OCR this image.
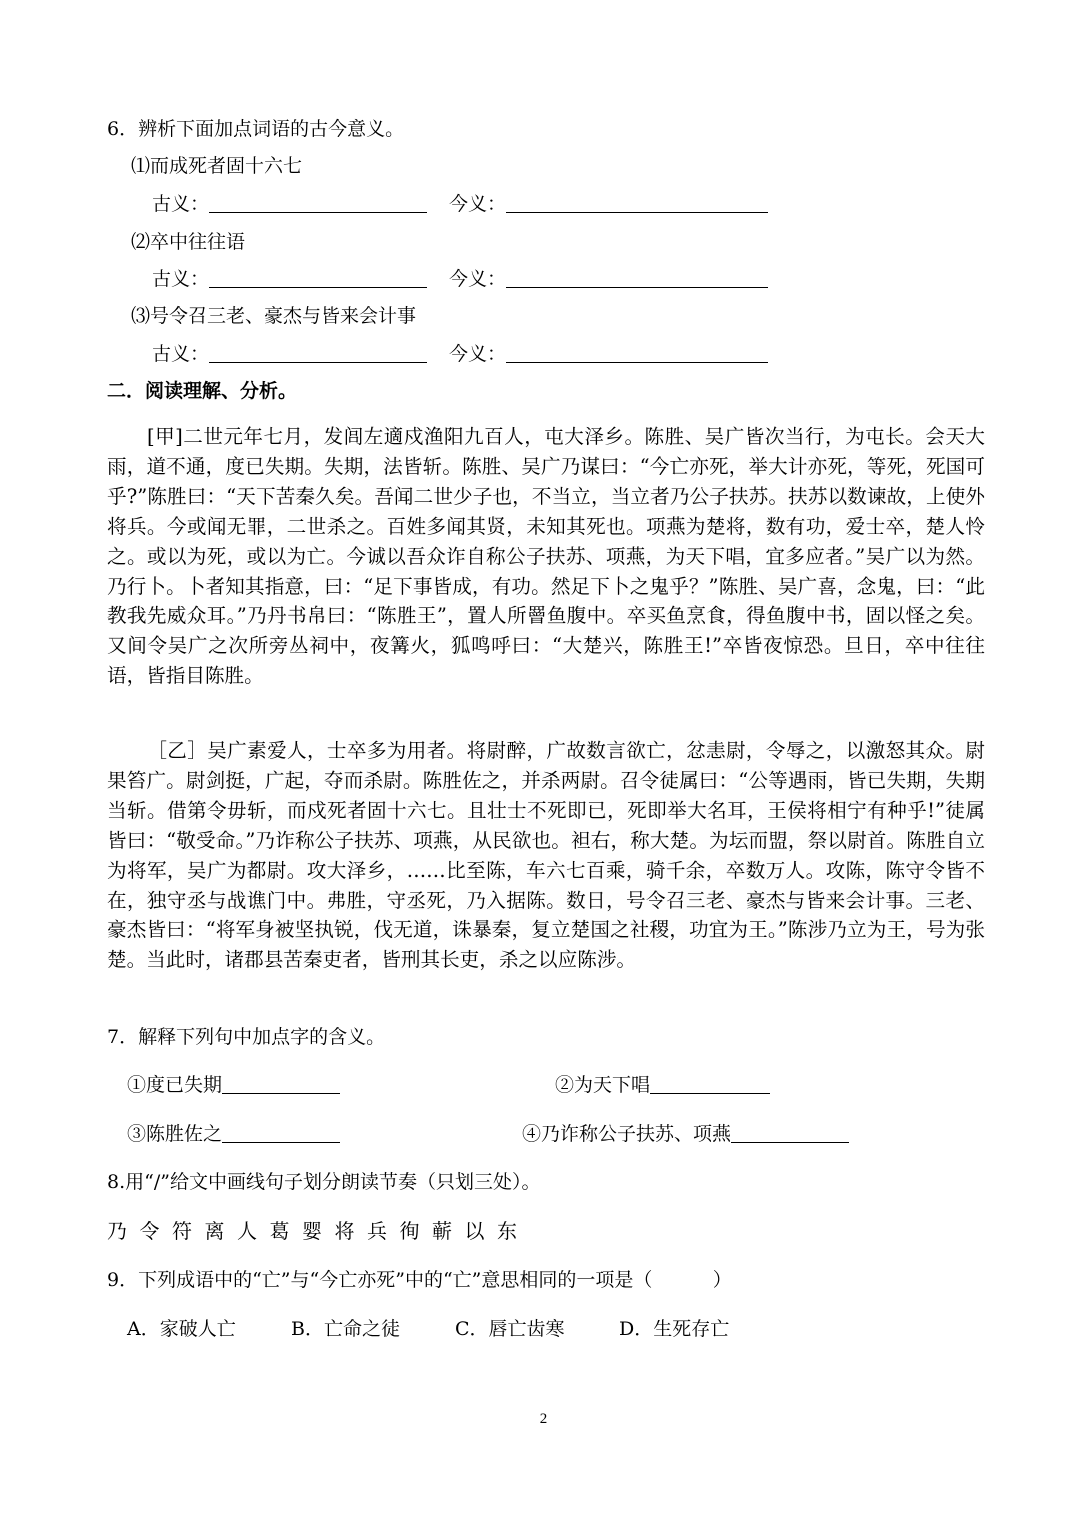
6．辨析下面加点词语的古今意义。
⑴而成死者固十六七
古义：	今义：
⑵卒中往往语
古义：	今义：
⑶号令召三老、豪杰与皆来会计事
古义：	今义：
二．阅读理解、分析。
[甲]二世元年七月，发闾左適戍渔阳九百人，屯大泽乡。陈胜、吴广皆次当行，为屯长。会天大雨，道不通，度已失期。失期，法皆斩。陈胜、吴广乃谋曰：“今亡亦死，举大计亦死，等死，死国可乎?”陈胜曰：“天下苦秦久矣。吾闻二世少子也，不当立，当立者乃公子扶苏。扶苏以数谏故，上使外将兵。今或闻无罪，二世杀之。百姓多闻其贤，未知其死也。项燕为楚将，数有功，爱士卒，楚人怜之。或以为死，或以为亡。今诚以吾众诈自称公子扶苏、项燕，为天下唱，宜多应者。”吴广以为然。乃行卜。卜者知其指意，曰：“足下事皆成，有功。然足下卜之鬼乎？”陈胜、吴广喜，念鬼，曰：“此教我先威众耳。”乃丹书帛曰：“陈胜王”，置人所罾鱼腹中。卒买鱼烹食，得鱼腹中书，固以怪之矣。又间令吴广之次所旁丛祠中，夜篝火，狐鸣呼曰：“大楚兴，陈胜王!”卒皆夜惊恐。旦日，卒中往往语，皆指目陈胜。
［乙］吴广素爱人，士卒多为用者。将尉醉，广故数言欲亡，忿恚尉，令辱之，以激怒其众。尉果笞广。尉剑挺，广起，夺而杀尉。陈胜佐之，并杀两尉。召令徒属曰：“公等遇雨，皆已失期，失期当斩。借第令毋斩，而戍死者固十六七。且壮士不死即已，死即举大名耳，王侯将相宁有种乎!”徒属皆曰：“敬受命。”乃诈称公子扶苏、项燕，从民欲也。袒右，称大楚。为坛而盟，祭以尉首。陈胜自立为将军，吴广为都尉。攻大泽乡，……比至陈，车六七百乘，骑千余，卒数万人。攻陈，陈守令皆不在，独守丞与战谯门中。弗胜，守丞死，乃入据陈。数日，号令召三老、豪杰与皆来会计事。三老、豪杰皆曰：“将军身被坚执锐，伐无道，诛暴秦，复立楚国之社稷，功宜为王。”陈涉乃立为王，号为张楚。当此时，诸郡县苦秦吏者，皆刑其长吏，杀之以应陈涉。
7．解释下列句中加点字的含义。
①度已失期	②为天下唱
③陈胜佐之	④乃诈称公子扶苏、项燕
8.用“/”给文中画线句子划分朗读节奏（只划三处）。
乃 令 符 离 人 葛 婴 将 兵 徇 蕲 以 东
9．下列成语中的“亡”与“今亡亦死”中的“亡”意思相同的一项是（          ）
A．家破人亡	B．亡命之徒	C．唇亡齿寒	D．生死存亡
2
